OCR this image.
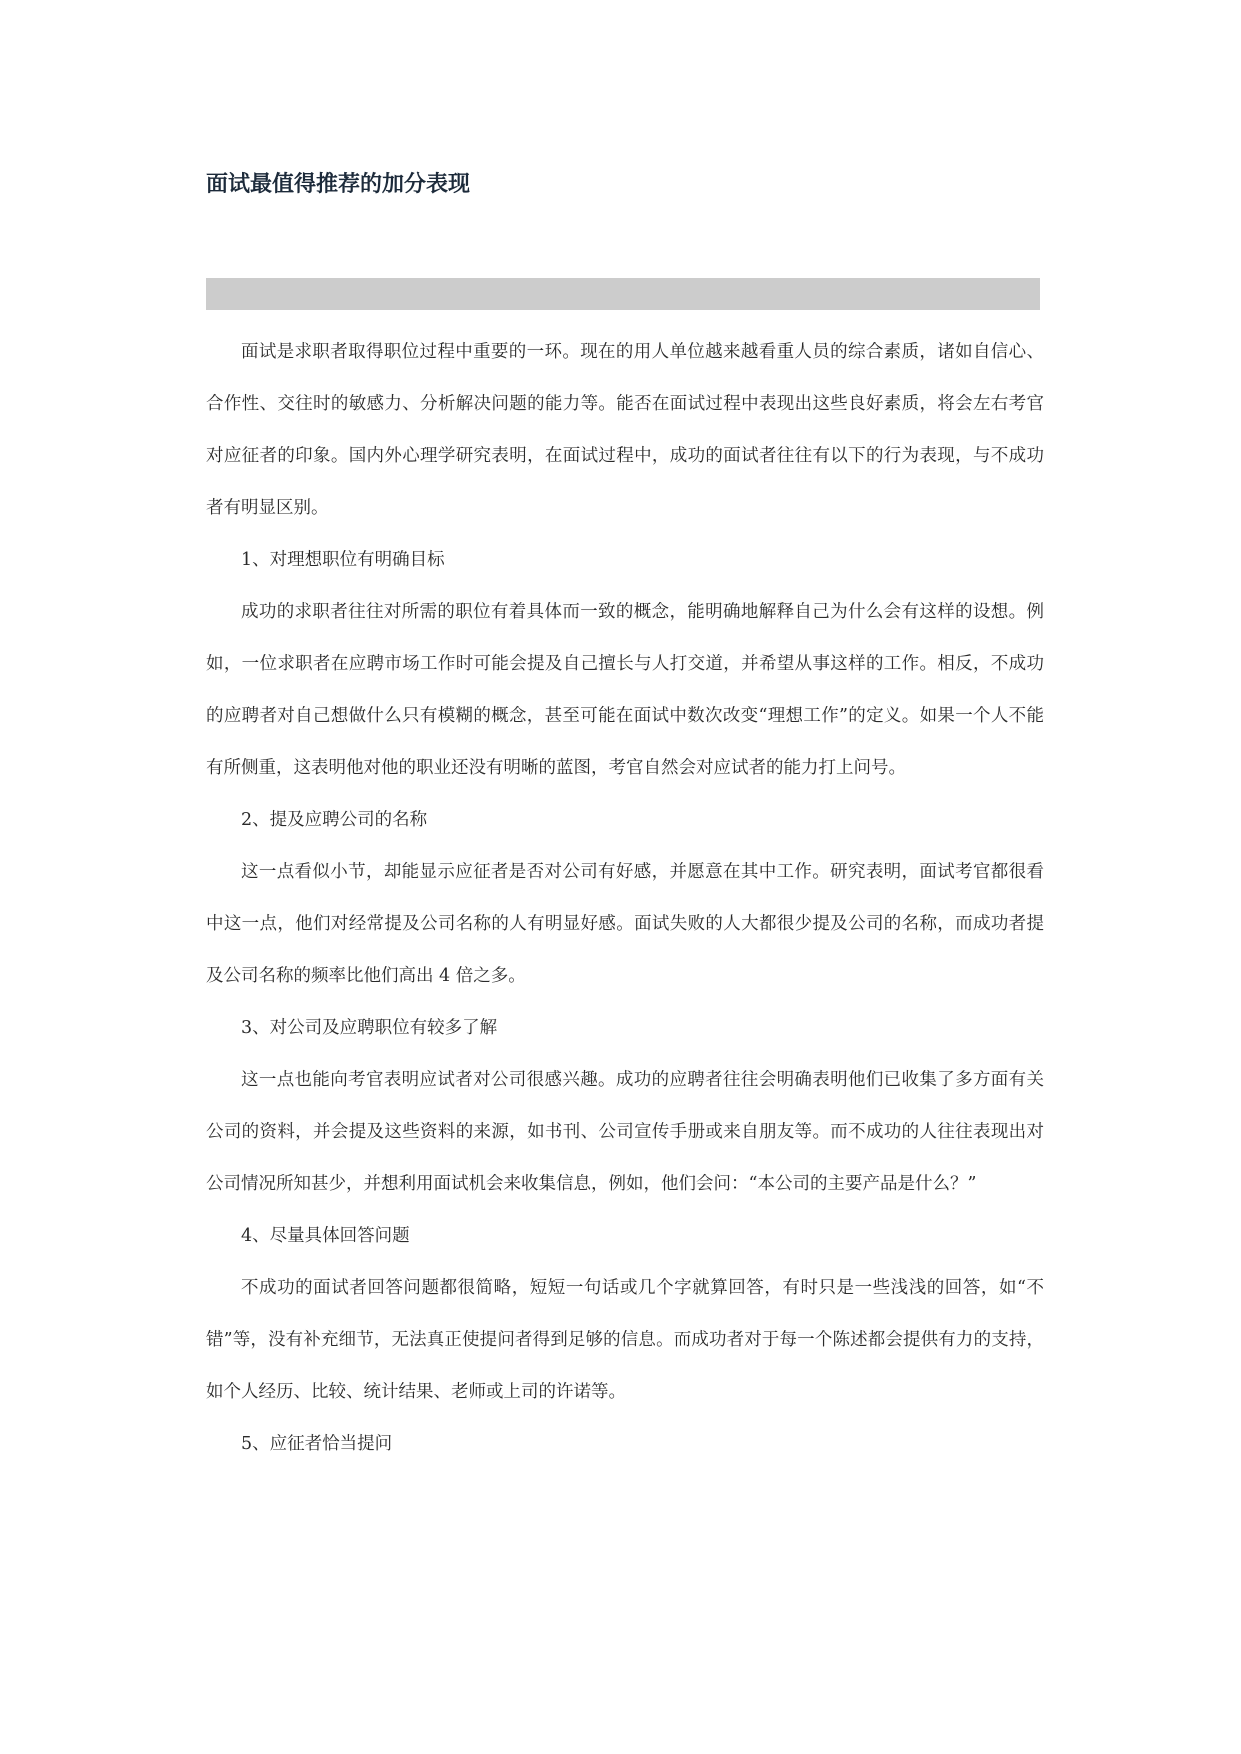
面试最值得推荐的加分表现

面试是求职者取得职位过程中重要的一环。现在的用人单位越来越看重人员的综合素质，诸如自信心、合作性、交往时的敏感力、分析解决问题的能力等。能否在面试过程中表现出这些良好素质，将会左右考官对应征者的印象。国内外心理学研究表明，在面试过程中，成功的面试者往往有以下的行为表现，与不成功者有明显区别。

1、对理想职位有明确目标

成功的求职者往往对所需的职位有着具体而一致的概念，能明确地解释自己为什么会有这样的设想。例如，一位求职者在应聘市场工作时可能会提及自己擅长与人打交道，并希望从事这样的工作。相反，不成功的应聘者对自己想做什么只有模糊的概念，甚至可能在面试中数次改变“理想工作”的定义。如果一个人不能有所侧重，这表明他对他的职业还没有明晰的蓝图，考官自然会对应试者的能力打上问号。

2、提及应聘公司的名称

这一点看似小节，却能显示应征者是否对公司有好感，并愿意在其中工作。研究表明，面试考官都很看中这一点，他们对经常提及公司名称的人有明显好感。面试失败的人大都很少提及公司的名称，而成功者提及公司名称的频率比他们高出 4 倍之多。

3、对公司及应聘职位有较多了解

这一点也能向考官表明应试者对公司很感兴趣。成功的应聘者往往会明确表明他们已收集了多方面有关公司的资料，并会提及这些资料的来源，如书刊、公司宣传手册或来自朋友等。而不成功的人往往表现出对公司情况所知甚少，并想利用面试机会来收集信息，例如，他们会问：“本公司的主要产品是什么？”

4、尽量具体回答问题

不成功的面试者回答问题都很简略，短短一句话或几个字就算回答，有时只是一些浅浅的回答，如“不错”等，没有补充细节，无法真正使提问者得到足够的信息。而成功者对于每一个陈述都会提供有力的支持，如个人经历、比较、统计结果、老师或上司的许诺等。

5、应征者恰当提问
